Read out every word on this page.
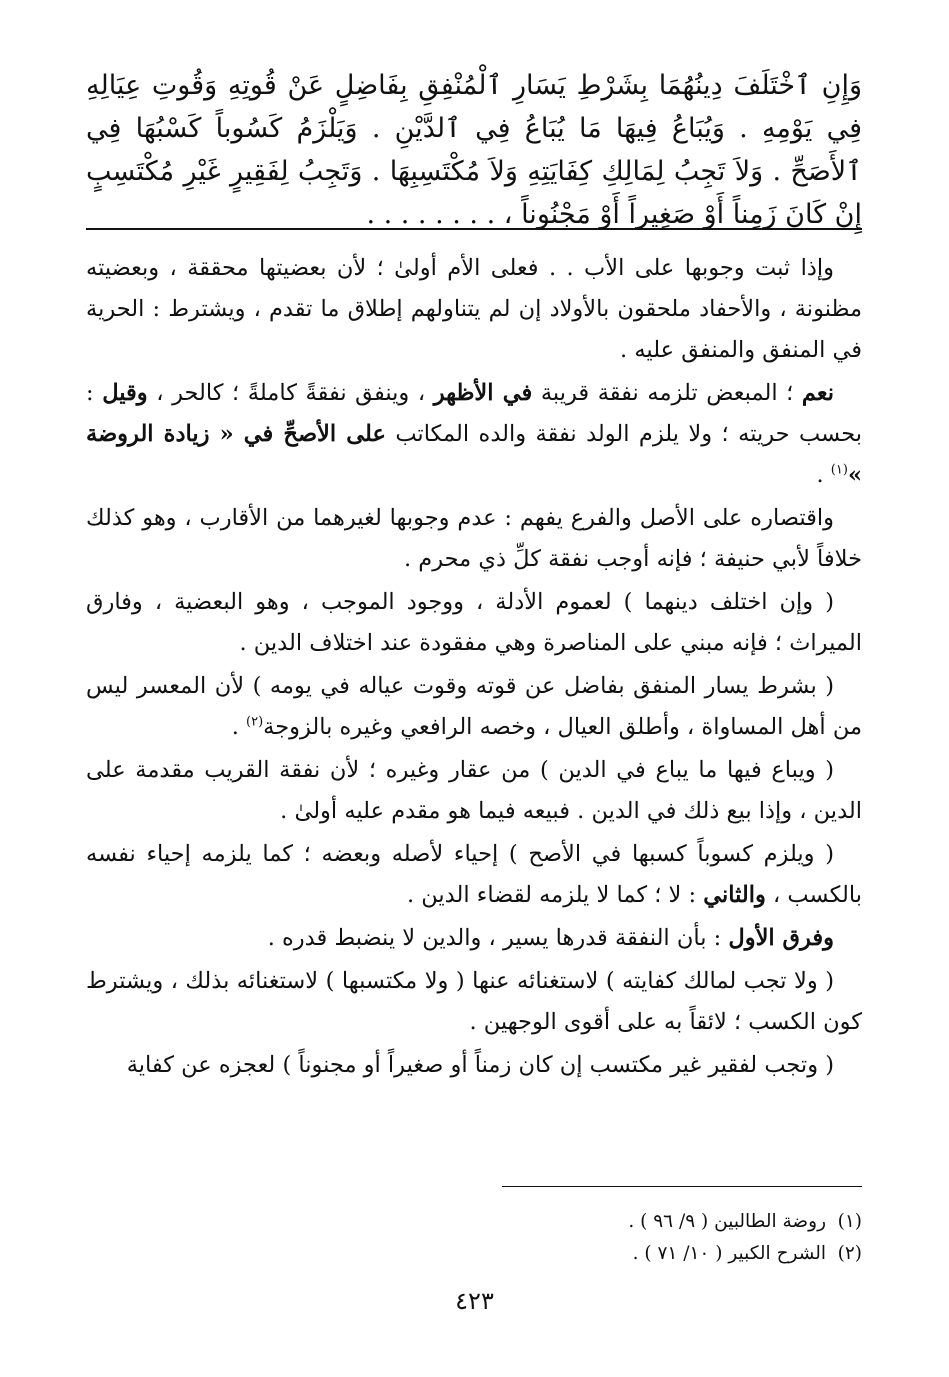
وَإِنِ ٱخْتَلَفَ دِينُهُمَا بِشَرْطِ يَسَارِ ٱلْمُنْفِقِ بِفَاضِلٍ عَنْ قُوتِهِ وَقُوتِ عِيَالِهِ فِي يَوْمِهِ . وَيُبَاعُ فِيهَا مَا يُبَاعُ فِي ٱلدَّيْنِ . وَيَلْزَمُ كَسُوباً كَسْبُهَا فِي ٱلأَصَحِّ . وَلاَ تَجِبُ لِمَالِكِ كِفَايَتِهِ وَلاَ مُكْتَسِبِهَا . وَتَجِبُ لِفَقِيرٍ غَيْرِ مُكْتَسِبٍ إِنْ كَانَ زَمِناً أَوْ صَغِيراً أَوْ مَجْنُوناً ، . . . . . . . .

وإذا ثبت وجوبها على الأب . . فعلى الأم أولىٰ ؛ لأن بعضيتها محققة ، وبعضيته مظنونة ، والأحفاد ملحقون بالأولاد إن لم يتناولهم إطلاق ما تقدم ، ويشترط : الحرية في المنفق والمنفق عليه .

نعم ؛ المبعض تلزمه نفقة قريبة في الأظهر ، وينفق نفقةً كاملةً ؛ كالحر ، وقيل : بحسب حريته ؛ ولا يلزم الولد نفقة والده المكاتب على الأصحِّ في « زيادة الروضة »$^{(١)}$ .

واقتصاره على الأصل والفرع يفهم : عدم وجوبها لغيرهما من الأقارب ، وهو كذلك خلافاً لأبي حنيفة ؛ فإنه أوجب نفقة كلِّ ذي محرم .

( وإن اختلف دينهما ) لعموم الأدلة ، ووجود الموجب ، وهو البعضية ، وفارق الميراث ؛ فإنه مبني على المناصرة وهي مفقودة عند اختلاف الدين .

( بشرط يسار المنفق بفاضل عن قوته وقوت عياله في يومه ) لأن المعسر ليس من أهل المساواة ، وأطلق العيال ، وخصه الرافعي وغيره بالزوجة$^{(٢)}$ .

( ويباع فيها ما يباع في الدين ) من عقار وغيره ؛ لأن نفقة القريب مقدمة على الدين ، وإذا بيع ذلك في الدين . فبيعه فيما هو مقدم عليه أولىٰ .

( ويلزم كسوباً كسبها في الأصح ) إحياء لأصله وبعضه ؛ كما يلزمه إحياء نفسه بالكسب ، والثاني : لا ؛ كما لا يلزمه لقضاء الدين .

وفرق الأول : بأن النفقة قدرها يسير ، والدين لا ينضبط قدره .

( ولا تجب لمالك كفايته ) لاستغنائه عنها ( ولا مكتسبها ) لاستغنائه بذلك ، ويشترط كون الكسب ؛ لائقاً به على أقوى الوجهين .

( وتجب لفقير غير مكتسب إن كان زمناً أو صغيراً أو مجنوناً ) لعجزه عن كفاية

(١)روضة الطالبين ( ٩/ ٩٦ ) .
(٢)الشرح الكبير ( ١٠/ ٧١ ) .
٤٢٣
